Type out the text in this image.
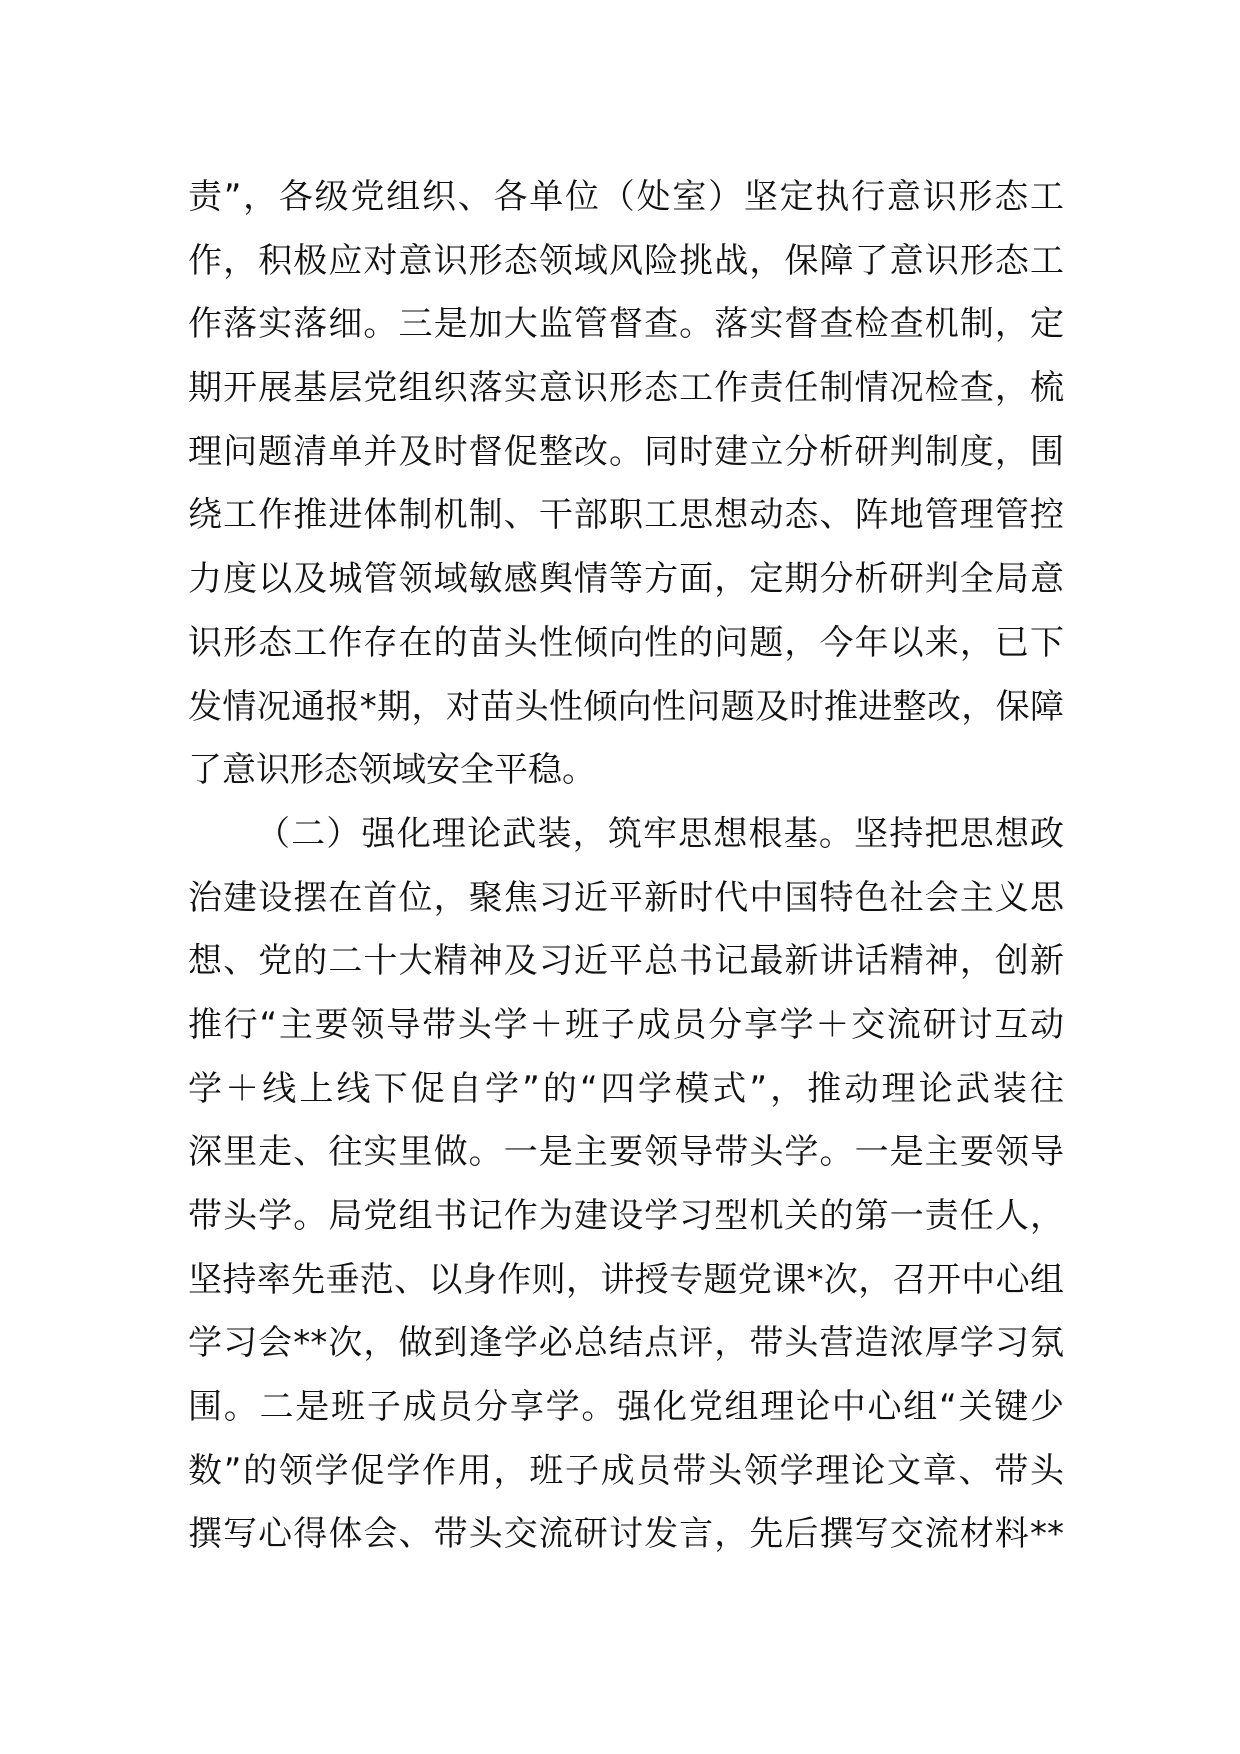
责”，各级党组织、各单位（处室）坚定执行意识形态工
作，积极应对意识形态领域风险挑战，保障了意识形态工
作落实落细。三是加大监管督查。落实督查检查机制，定
期开展基层党组织落实意识形态工作责任制情况检查，梳
理问题清单并及时督促整改。同时建立分析研判制度，围
绕工作推进体制机制、干部职工思想动态、阵地管理管控
力度以及城管领域敏感舆情等方面，定期分析研判全局意
识形态工作存在的苗头性倾向性的问题，今年以来，已下
发情况通报*期，对苗头性倾向性问题及时推进整改，保障
了意识形态领域安全平稳。
（二）强化理论武装，筑牢思想根基。坚持把思想政
治建设摆在首位，聚焦习近平新时代中国特色社会主义思
想、党的二十大精神及习近平总书记最新讲话精神，创新
推行“主要领导带头学＋班子成员分享学＋交流研讨互动
学＋线上线下促自学”的“四学模式”，推动理论武装往
深里走、往实里做。一是主要领导带头学。一是主要领导
带头学。局党组书记作为建设学习型机关的第一责任人，
坚持率先垂范、以身作则，讲授专题党课*次，召开中心组
学习会**次，做到逢学必总结点评，带头营造浓厚学习氛
围。二是班子成员分享学。强化党组理论中心组“关键少
数”的领学促学作用，班子成员带头领学理论文章、带头
撰写心得体会、带头交流研讨发言，先后撰写交流材料**
